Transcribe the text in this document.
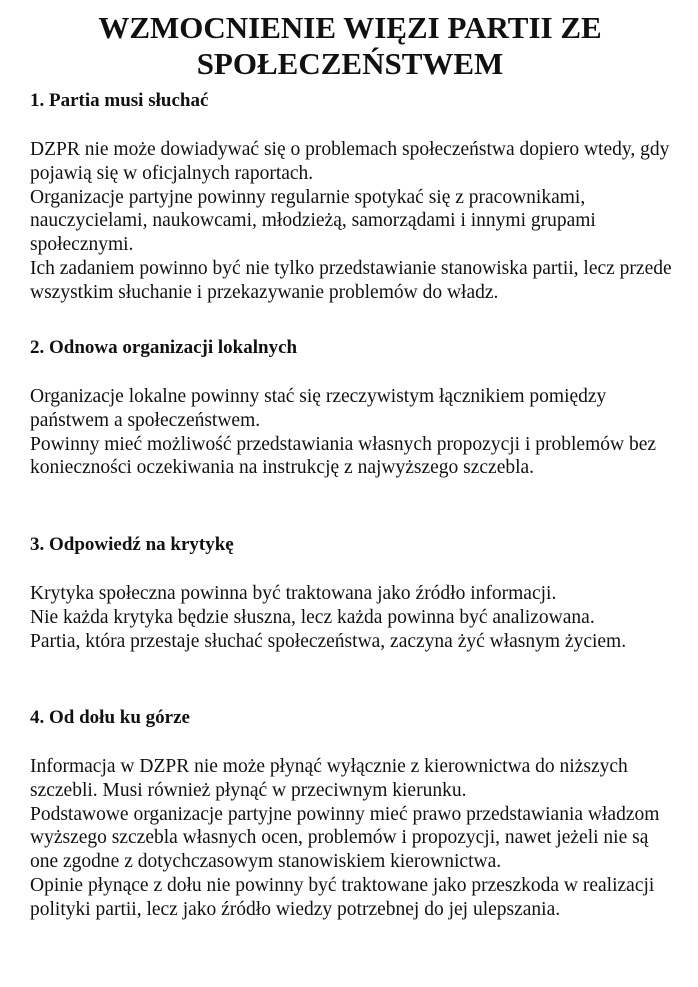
WZMOCNIENIE WIĘZI PARTII ZE SPOŁECZEŃSTWEM
1. Partia musi słuchać

DZPR nie może dowiadywać się o problemach społeczeństwa dopiero wtedy, gdy pojawią się w oficjalnych raportach.

Organizacje partyjne powinny regularnie spotykać się z pracownikami, nauczycielami, naukowcami, młodzieżą, samorządami i innymi grupami społecznymi.

Ich zadaniem powinno być nie tylko przedstawianie stanowiska partii, lecz przede wszystkim słuchanie i przekazywanie problemów do władz.

2. Odnowa organizacji lokalnych

Organizacje lokalne powinny stać się rzeczywistym łącznikiem pomiędzy państwem a społeczeństwem.

Powinny mieć możliwość przedstawiania własnych propozycji i problemów bez konieczności oczekiwania na instrukcję z najwyższego szczebla.

3. Odpowiedź na krytykę

Krytyka społeczna powinna być traktowana jako źródło informacji.

Nie każda krytyka będzie słuszna, lecz każda powinna być analizowana.

Partia, która przestaje słuchać społeczeństwa, zaczyna żyć własnym życiem.

4. Od dołu ku górze

Informacja w DZPR nie może płynąć wyłącznie z kierownictwa do niższych szczebli. Musi również płynąć w przeciwnym kierunku.

Podstawowe organizacje partyjne powinny mieć prawo przedstawiania władzom wyższego szczebla własnych ocen, problemów i propozycji, nawet jeżeli nie są one zgodne z dotychczasowym stanowiskiem kierownictwa.

Opinie płynące z dołu nie powinny być traktowane jako przeszkoda w realizacji polityki partii, lecz jako źródło wiedzy potrzebnej do jej ulepszania.
